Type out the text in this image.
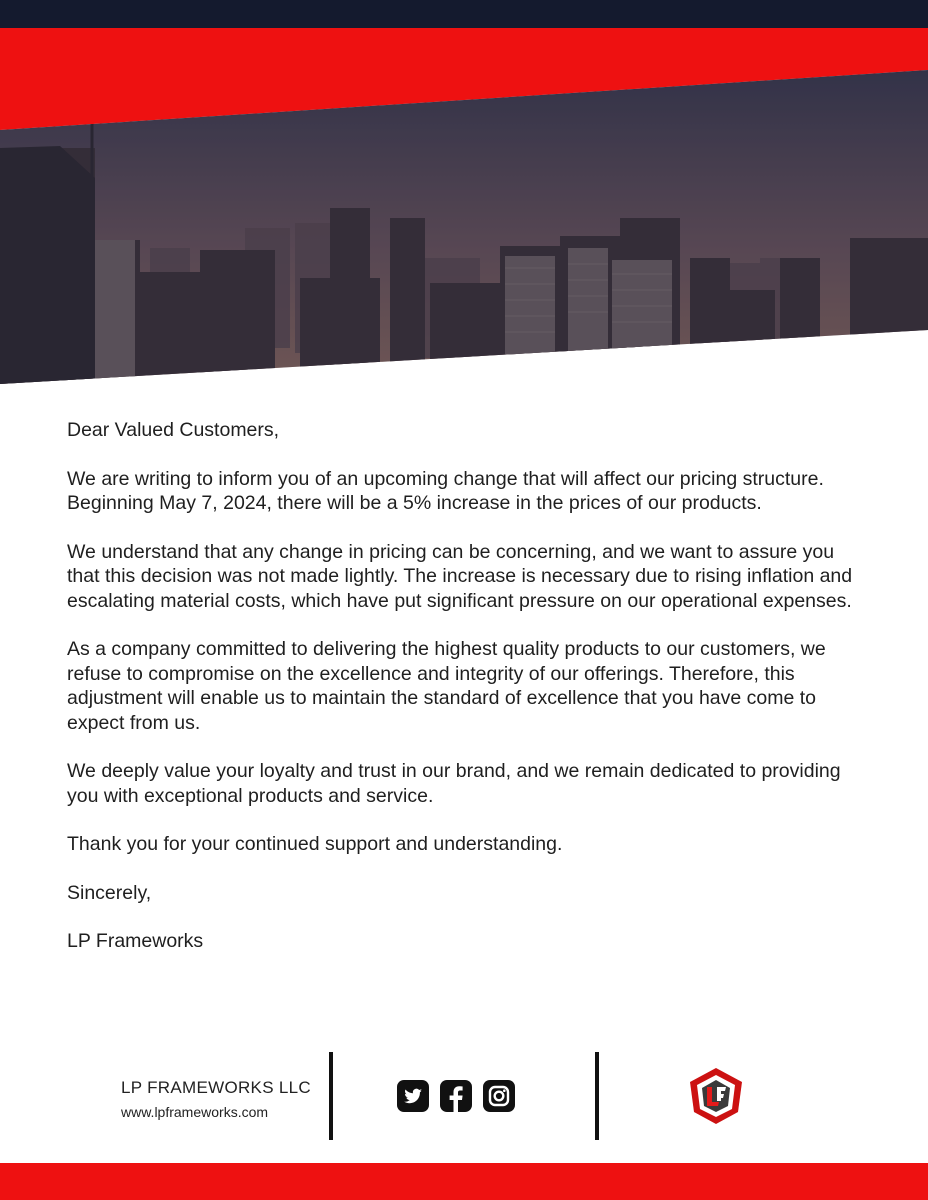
Dear Valued Customers,

We are writing to inform you of an upcoming change that will affect our pricing structure. Beginning May 7, 2024, there will be a 5% increase in the prices of our products.

We understand that any change in pricing can be concerning, and we want to assure you that this decision was not made lightly. The increase is necessary due to rising inflation and escalating material costs, which have put significant pressure on our operational expenses.

As a company committed to delivering the highest quality products to our customers, we refuse to compromise on the excellence and integrity of our offerings. Therefore, this adjustment will enable us to maintain the standard of excellence that you have come to expect from us.

We deeply value your loyalty and trust in our brand, and we remain dedicated to providing you with exceptional products and service.

Thank you for your continued support and understanding.

Sincerely,

LP Frameworks

LP FRAMEWORKS LLC
www.lpframeworks.com
